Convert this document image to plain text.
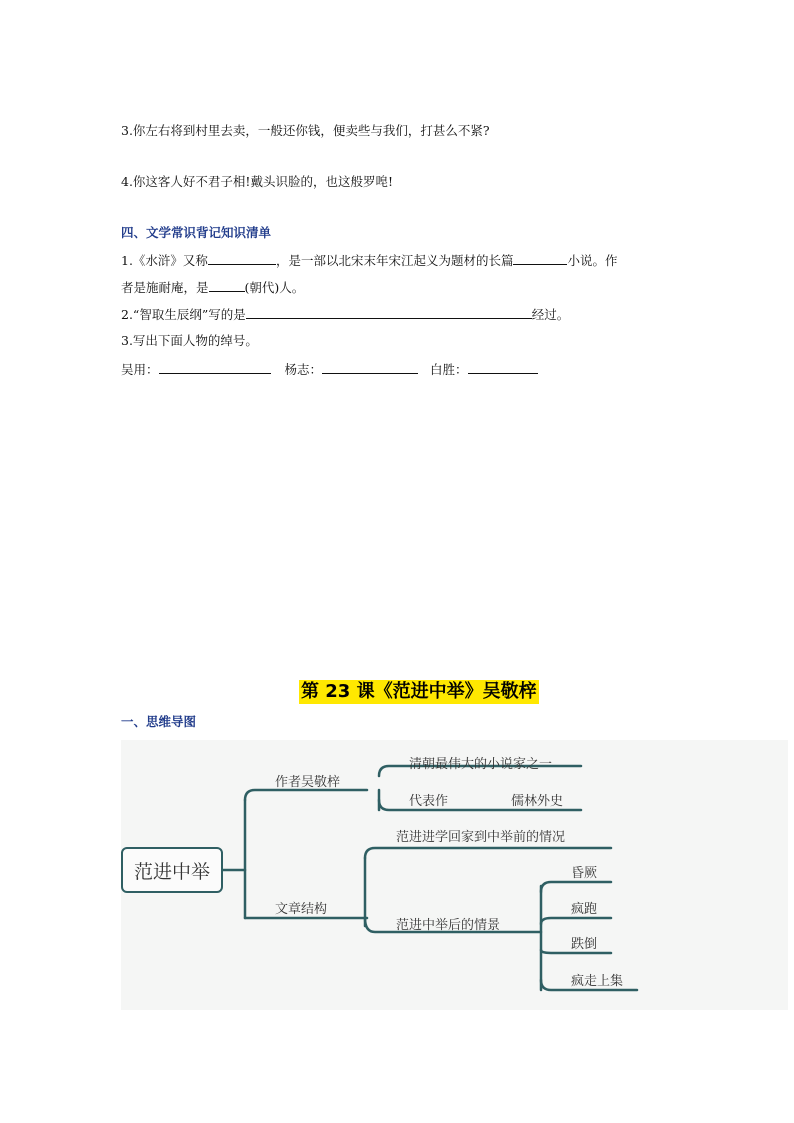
3.你左右将到村里去卖，一般还你钱，便卖些与我们，打甚么不紧?
4.你这客人好不君子相!戴头识脸的，也这般罗唣!
四、文学常识背记知识清单
1.《水浒》又称	，是一部以北宋末年宋江起义为题材的长篇	小说。作
者是施耐庵，是	(朝代)人。
2.“智取生辰纲”写的是	经过。
3.写出下面人物的绰号。
吴用：	杨志：	白胜：
第 23 课《范进中举》吴敬梓
一、思维导图
范进中举
作者吴敬梓
清朝最伟大的小说家之一
代表作	儒林外史
文章结构
范进进学回家到中举前的情况
范进中举后的情景
昏厥
疯跑
跌倒
疯走上集
